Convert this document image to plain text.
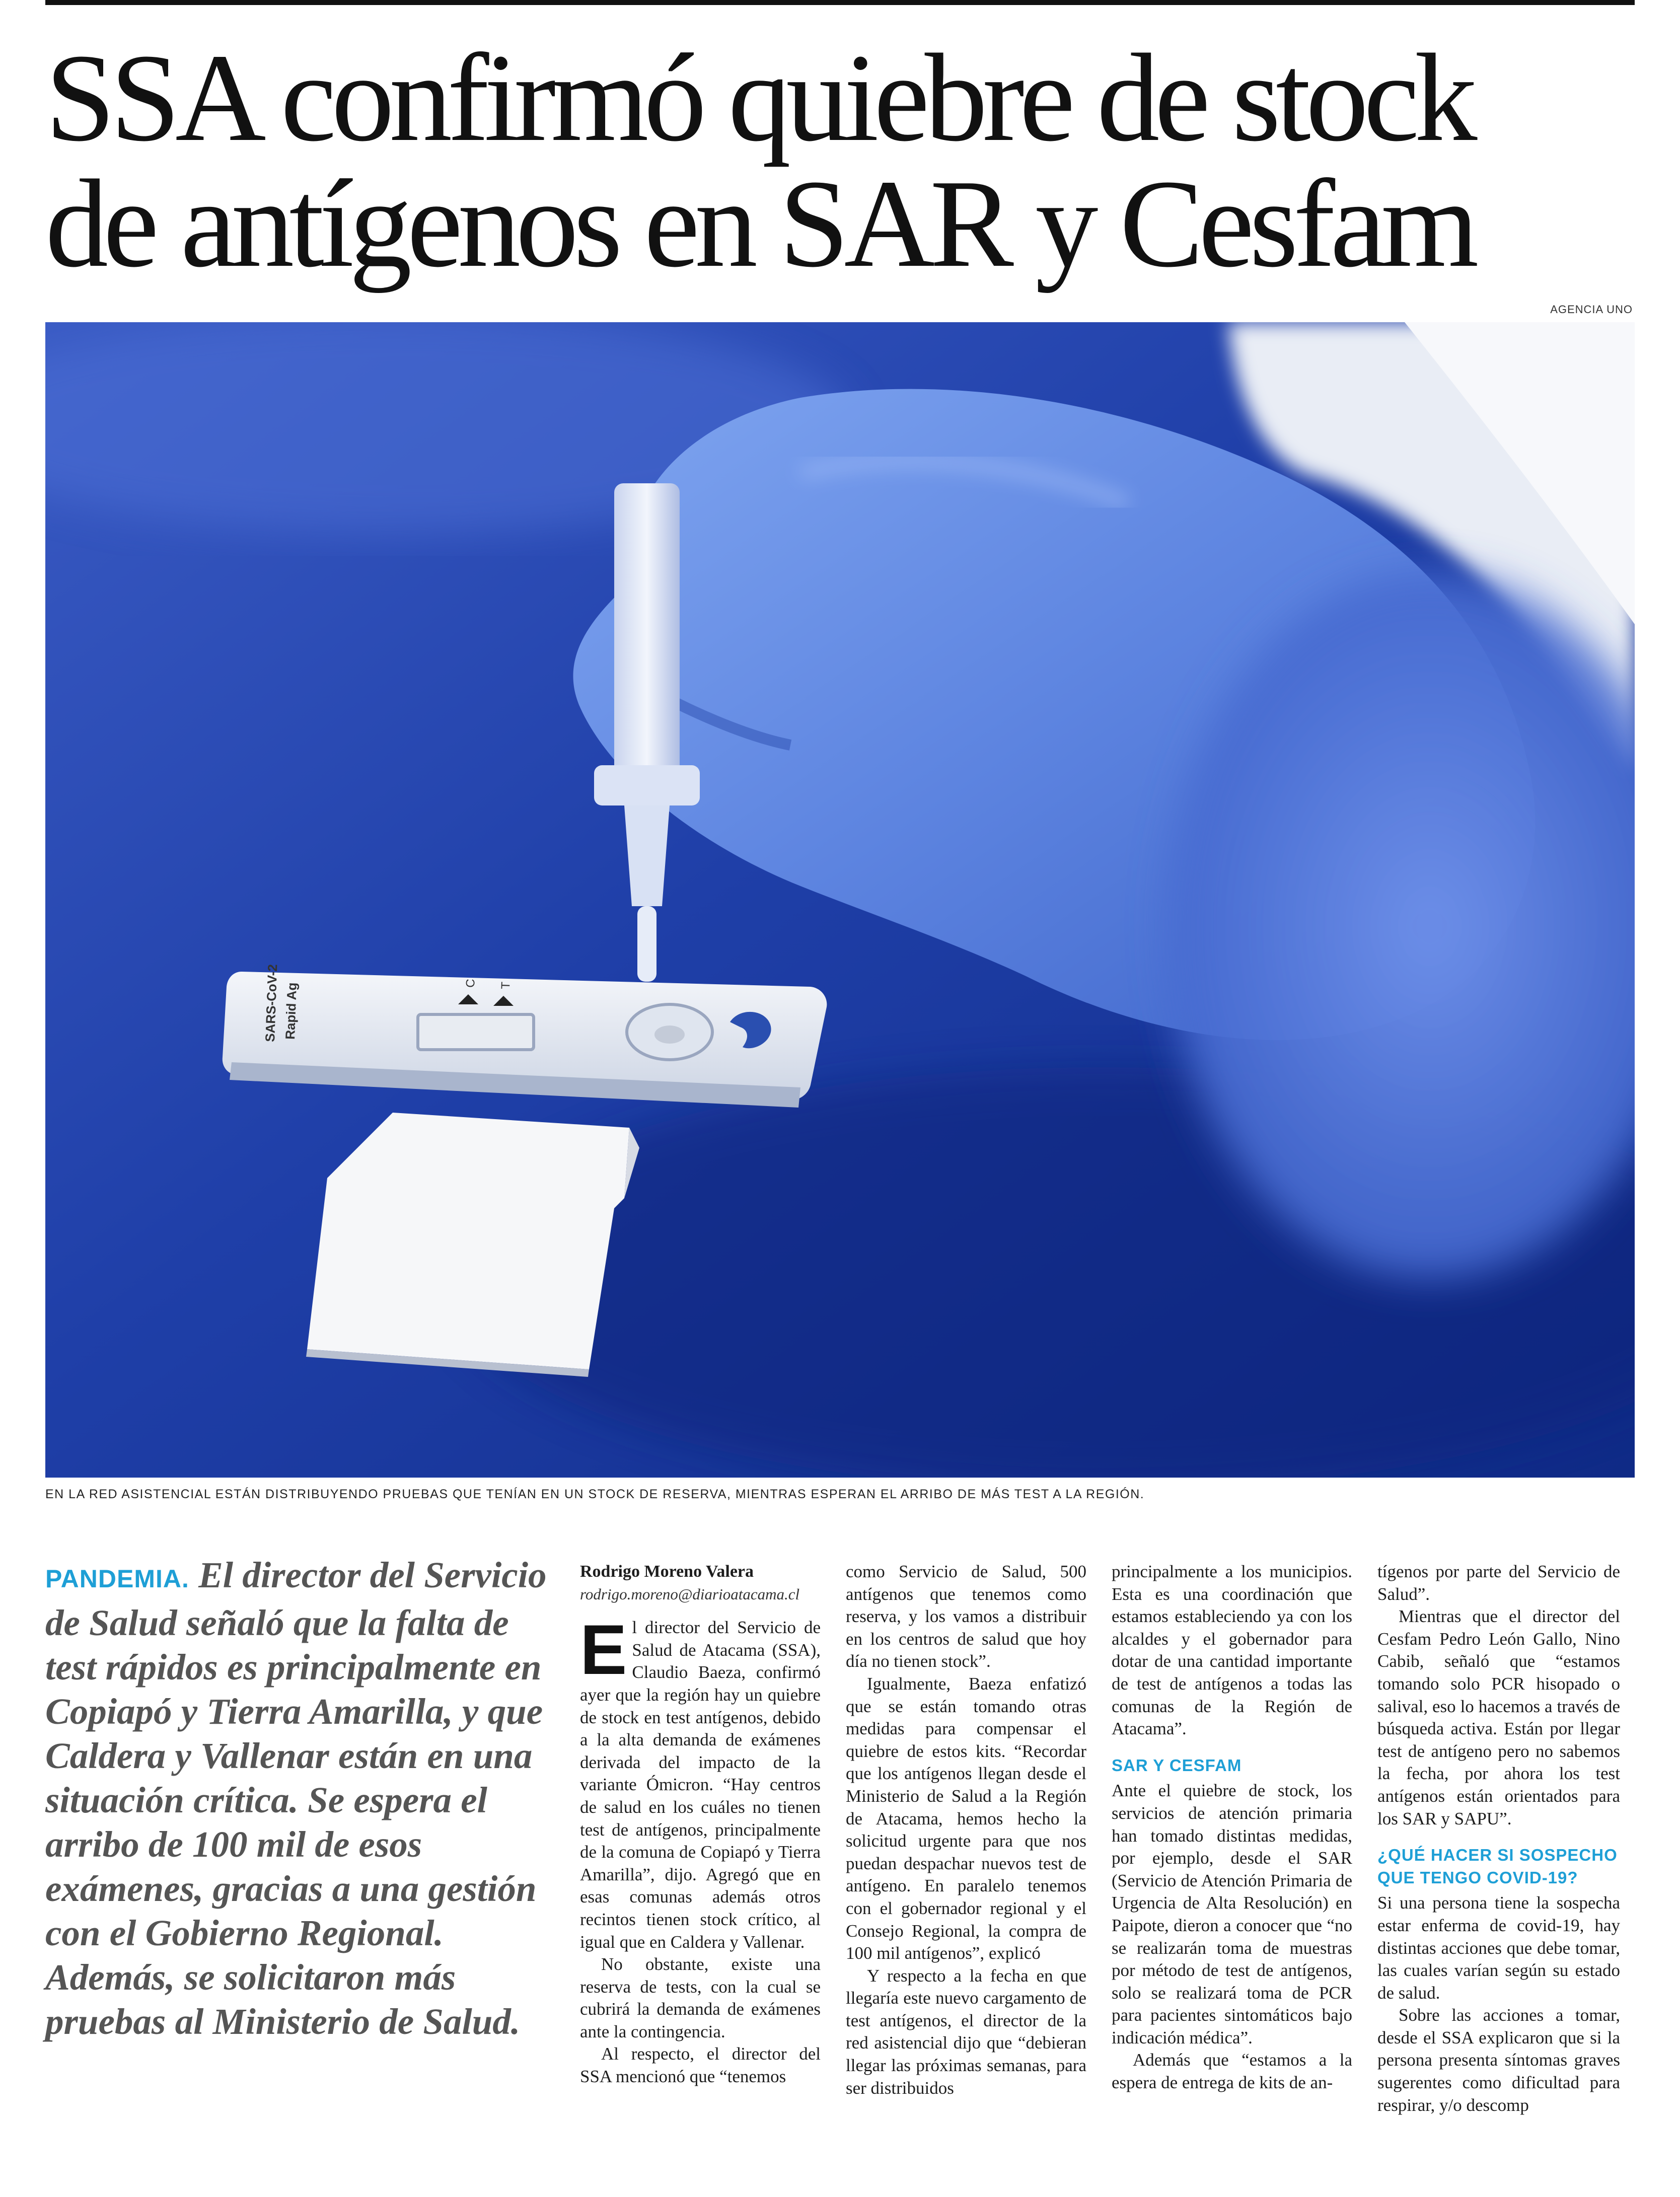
SSA confirmó quiebre de stock
de antígenos en SAR y Cesfam
AGENCIA UNO
SARS-CoV-2 Rapid Ag	C T
EN LA RED ASISTENCIAL ESTÁN DISTRIBUYENDO PRUEBAS QUE TENÍAN EN UN STOCK DE RESERVA, MIENTRAS ESPERAN EL ARRIBO DE MÁS TEST A LA REGIÓN.
PANDEMIA. El director del Servicio de Salud señaló que la falta de test rápidos es principalmente en Copiapó y Tierra Amarilla, y que Caldera y Vallenar están en una situación crítica. Se espera el arribo de 100 mil de esos exámenes, gracias a una gestión con el Gobierno Regional. Además, se solicitaron más pruebas al Ministerio de Salud.

Rodrigo Moreno Valera

rodrigo.moreno@diarioatacama.cl

El director del Servicio de Salud de Atacama (SSA), Claudio Baeza, confirmó ayer que la región hay un quiebre de stock en test antígenos, debido a la alta demanda de exámenes derivada del impacto de la variante Ómicron. “Hay centros de salud en los cuáles no tienen test de antígenos, principalmente de la comuna de Copiapó y Tierra Amarilla”, dijo. Agregó que en esas comunas además otros recintos tienen stock crítico, al igual que en Caldera y Vallenar.

No obstante, existe una reserva de tests, con la cual se cubrirá la demanda de exámenes ante la contingencia.

Al respecto, el director del SSA mencionó que “tenemos

como Servicio de Salud, 500 antígenos que tenemos como reserva, y los vamos a distribuir en los centros de salud que hoy día no tienen stock”.

Igualmente, Baeza enfatizó que se están tomando otras medidas para compensar el quiebre de estos kits. “Recordar que los antígenos llegan desde el Ministerio de Salud a la Región de Atacama, hemos hecho la solicitud urgente para que nos puedan despachar nuevos test de antígeno. En paralelo tenemos con el gobernador regional y el Consejo Regional, la compra de 100 mil antígenos”, explicó

Y respecto a la fecha en que llegaría este nuevo cargamento de test antígenos, el director de la red asistencial dijo que “debieran llegar las próximas semanas, para ser distribuidos

principalmente a los municipios. Esta es una coordinación que estamos estableciendo ya con los alcaldes y el gobernador para dotar de una cantidad importante de test de antígenos a todas las comunas de la Región de Atacama”.

SAR Y CESFAM

Ante el quiebre de stock, los servicios de atención primaria han tomado distintas medidas, por ejemplo, desde el SAR (Servicio de Atención Primaria de Urgencia de Alta Resolución) en Paipote, dieron a conocer que “no se realizarán toma de muestras por método de test de antígenos, solo se realizará toma de PCR para pacientes sintomáticos bajo indicación médica”.

Además que “estamos a la espera de entrega de kits de an-

tígenos por parte del Servicio de Salud”.

Mientras que el director del Cesfam Pedro León Gallo, Nino Cabib, señaló que “estamos tomando solo PCR hisopado o salival, eso lo hacemos a través de búsqueda activa. Están por llegar test de antígeno pero no sabemos la fecha, por ahora los test antígenos están orientados para los SAR y SAPU”.

¿QUÉ HACER SI SOSPECHO QUE TENGO COVID-19?

Si una persona tiene la sospecha estar enferma de covid-19, hay distintas acciones que debe tomar, las cuales varían según su estado de salud.

Sobre las acciones a tomar, desde el SSA explicaron que si la persona presenta síntomas graves sugerentes como dificultad para respirar, y/o descomp
